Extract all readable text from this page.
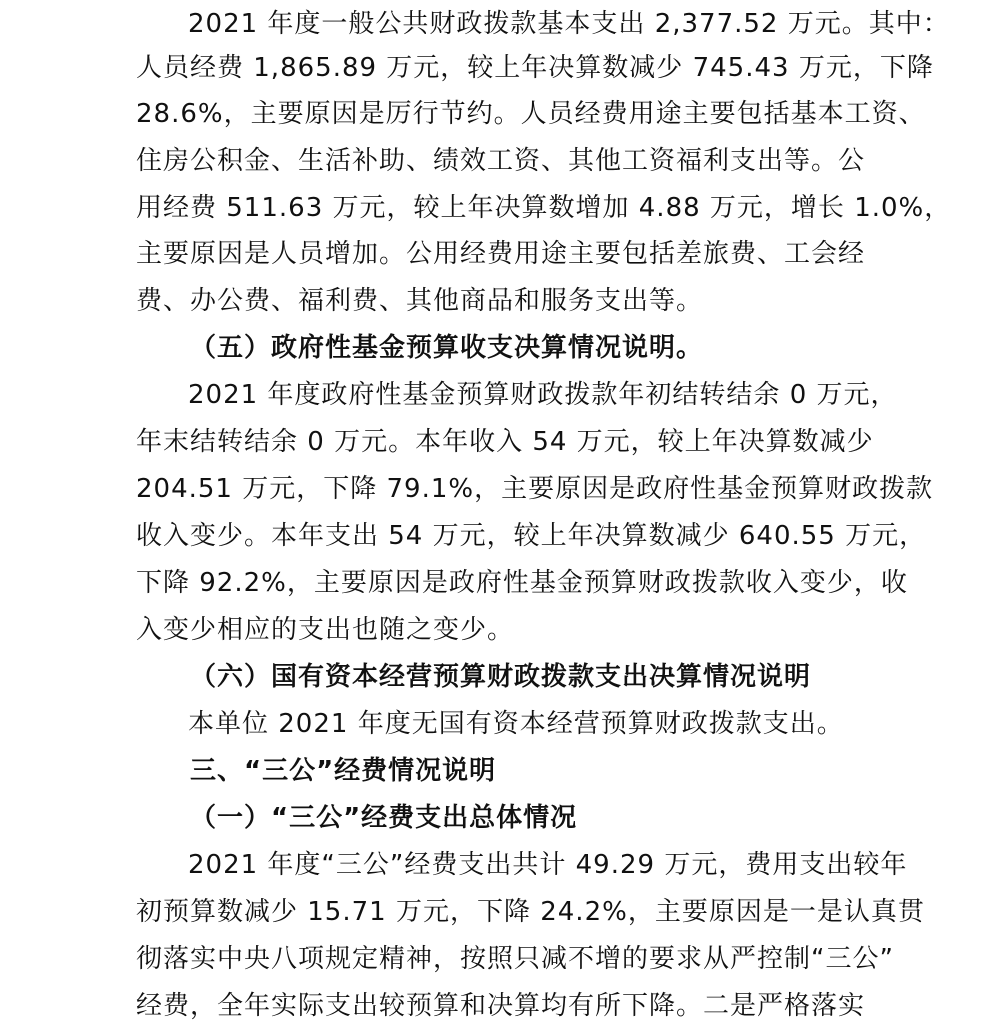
2021 年度一般公共财政拨款基本支出 2,377.52 万元。其中：
人员经费 1,865.89 万元，较上年决算数减少 745.43 万元，下降
28.6%，主要原因是厉行节约。人员经费用途主要包括基本工资、
住房公积金、生活补助、绩效工资、其他工资福利支出等。公
用经费 511.63 万元，较上年决算数增加 4.88 万元，增长 1.0%，
主要原因是人员增加。公用经费用途主要包括差旅费、工会经
费、办公费、福利费、其他商品和服务支出等。
（五）政府性基金预算收支决算情况说明。
2021 年度政府性基金预算财政拨款年初结转结余 0 万元，
年末结转结余 0 万元。本年收入 54 万元，较上年决算数减少
204.51 万元，下降 79.1%，主要原因是政府性基金预算财政拨款
收入变少。本年支出 54 万元，较上年决算数减少 640.55 万元，
下降 92.2%，主要原因是政府性基金预算财政拨款收入变少，收
入变少相应的支出也随之变少。
（六）国有资本经营预算财政拨款支出决算情况说明
本单位 2021 年度无国有资本经营预算财政拨款支出。
三、“三公”经费情况说明
（一）“三公”经费支出总体情况
2021 年度“三公”经费支出共计 49.29 万元，费用支出较年
初预算数减少 15.71 万元，下降 24.2%，主要原因是一是认真贯
彻落实中央八项规定精神，按照只减不增的要求从严控制“三公”
经费，全年实际支出较预算和决算均有所下降。二是严格落实
